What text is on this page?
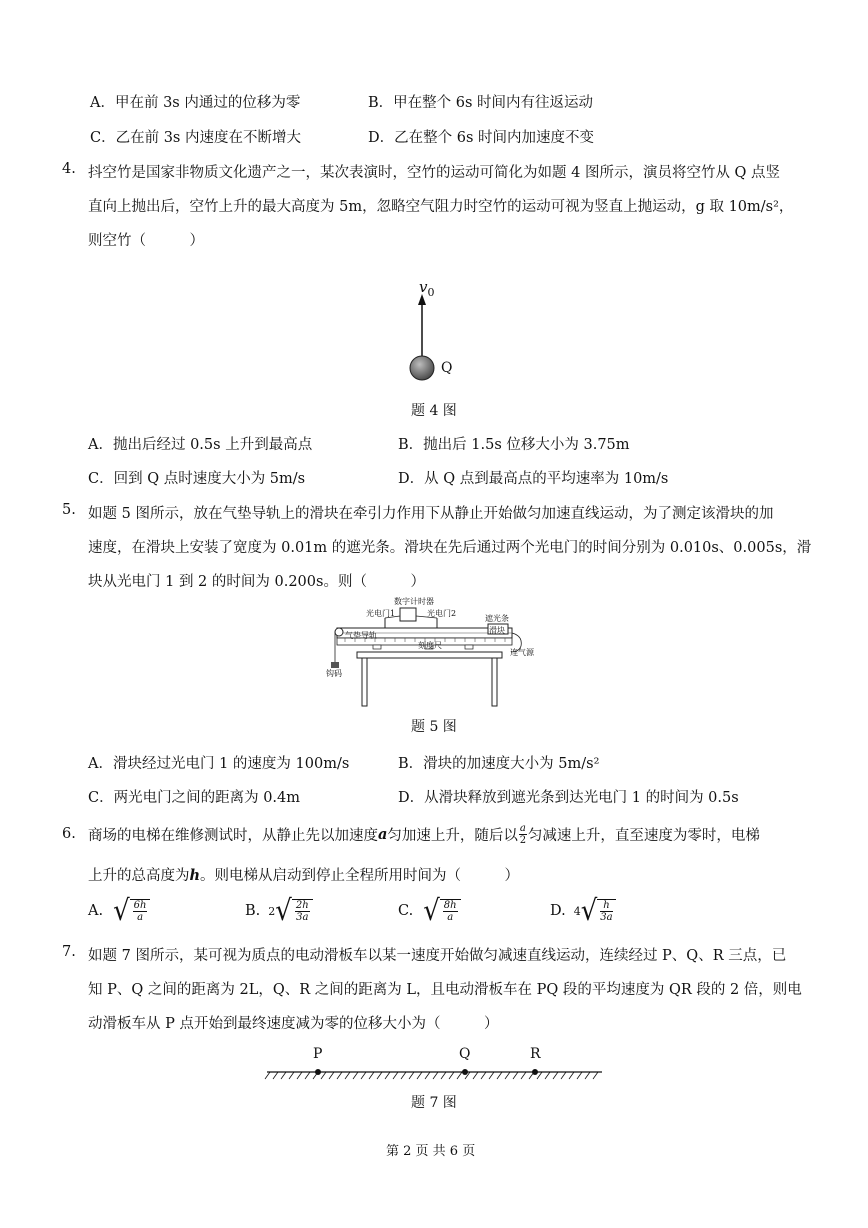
A．甲在前 3s 内通过的位移为零	B．甲在整个 6s 时间内有往返运动
C．乙在前 3s 内速度在不断增大	D．乙在整个 6s 时间内加速度不变
4. 抖空竹是国家非物质文化遗产之一，某次表演时，空竹的运动可简化为如题 4 图所示，演员将空竹从 Q 点竖
直向上抛出后，空竹上升的最大高度为 5m，忽略空气阻力时空竹的运动可视为竖直上抛运动，g 取 10m/s²，
则空竹（　　　）
$v_0$
Q
题 4 图
A．抛出后经过 0.5s 上升到最高点	B．抛出后 1.5s 位移大小为 3.75m
C．回到 Q 点时速度大小为 5m/s	D．从 Q 点到最高点的平均速率为 10m/s
5. 如题 5 图所示，放在气垫导轨上的滑块在牵引力作用下从静止开始做匀加速直线运动，为了测定该滑块的加
速度，在滑块上安装了宽度为 0.01m 的遮光条。滑块在先后通过两个光电门的时间分别为 0.010s、0.005s，滑
块从光电门 1 到 2 的时间为 0.200s。则（　　　）
数字计时器
光电门1	光电门2
遮光条
滑块
气垫导轨
刻度尺
连气源
钩码
题 5 图
A．滑块经过光电门 1 的速度为 100m/s	B．滑块的加速度大小为 5m/s²
C．两光电门之间的距离为 0.4m	D．从滑块释放到遮光条到达光电门 1 的时间为 0.5s
6. 商场的电梯在维修测试时，从静止先以加速度 a 匀加速上升，随后以 $\frac{a}{2}$ 匀减速上升，直至速度为零时，电梯
上升的总高度为h。则电梯从启动到停止全程所用时间为（　　　）
A. √ $\frac{6h}{a}$	B. 2 √ $\frac{2h}{3a}$	C. √ $\frac{8h}{a}$	D. 4 √ $\frac{h}{3a}$
7. 如题 7 图所示，某可视为质点的电动滑板车以某一速度开始做匀减速直线运动，连续经过 P、Q、R 三点，已
知 P、Q 之间的距离为 2L，Q、R 之间的距离为 L，且电动滑板车在 PQ 段的平均速度为 QR 段的 2 倍，则电
动滑板车从 P 点开始到最终速度减为零的位移大小为（　　　）
P	Q	R
题 7 图
第 2 页 共 6 页
